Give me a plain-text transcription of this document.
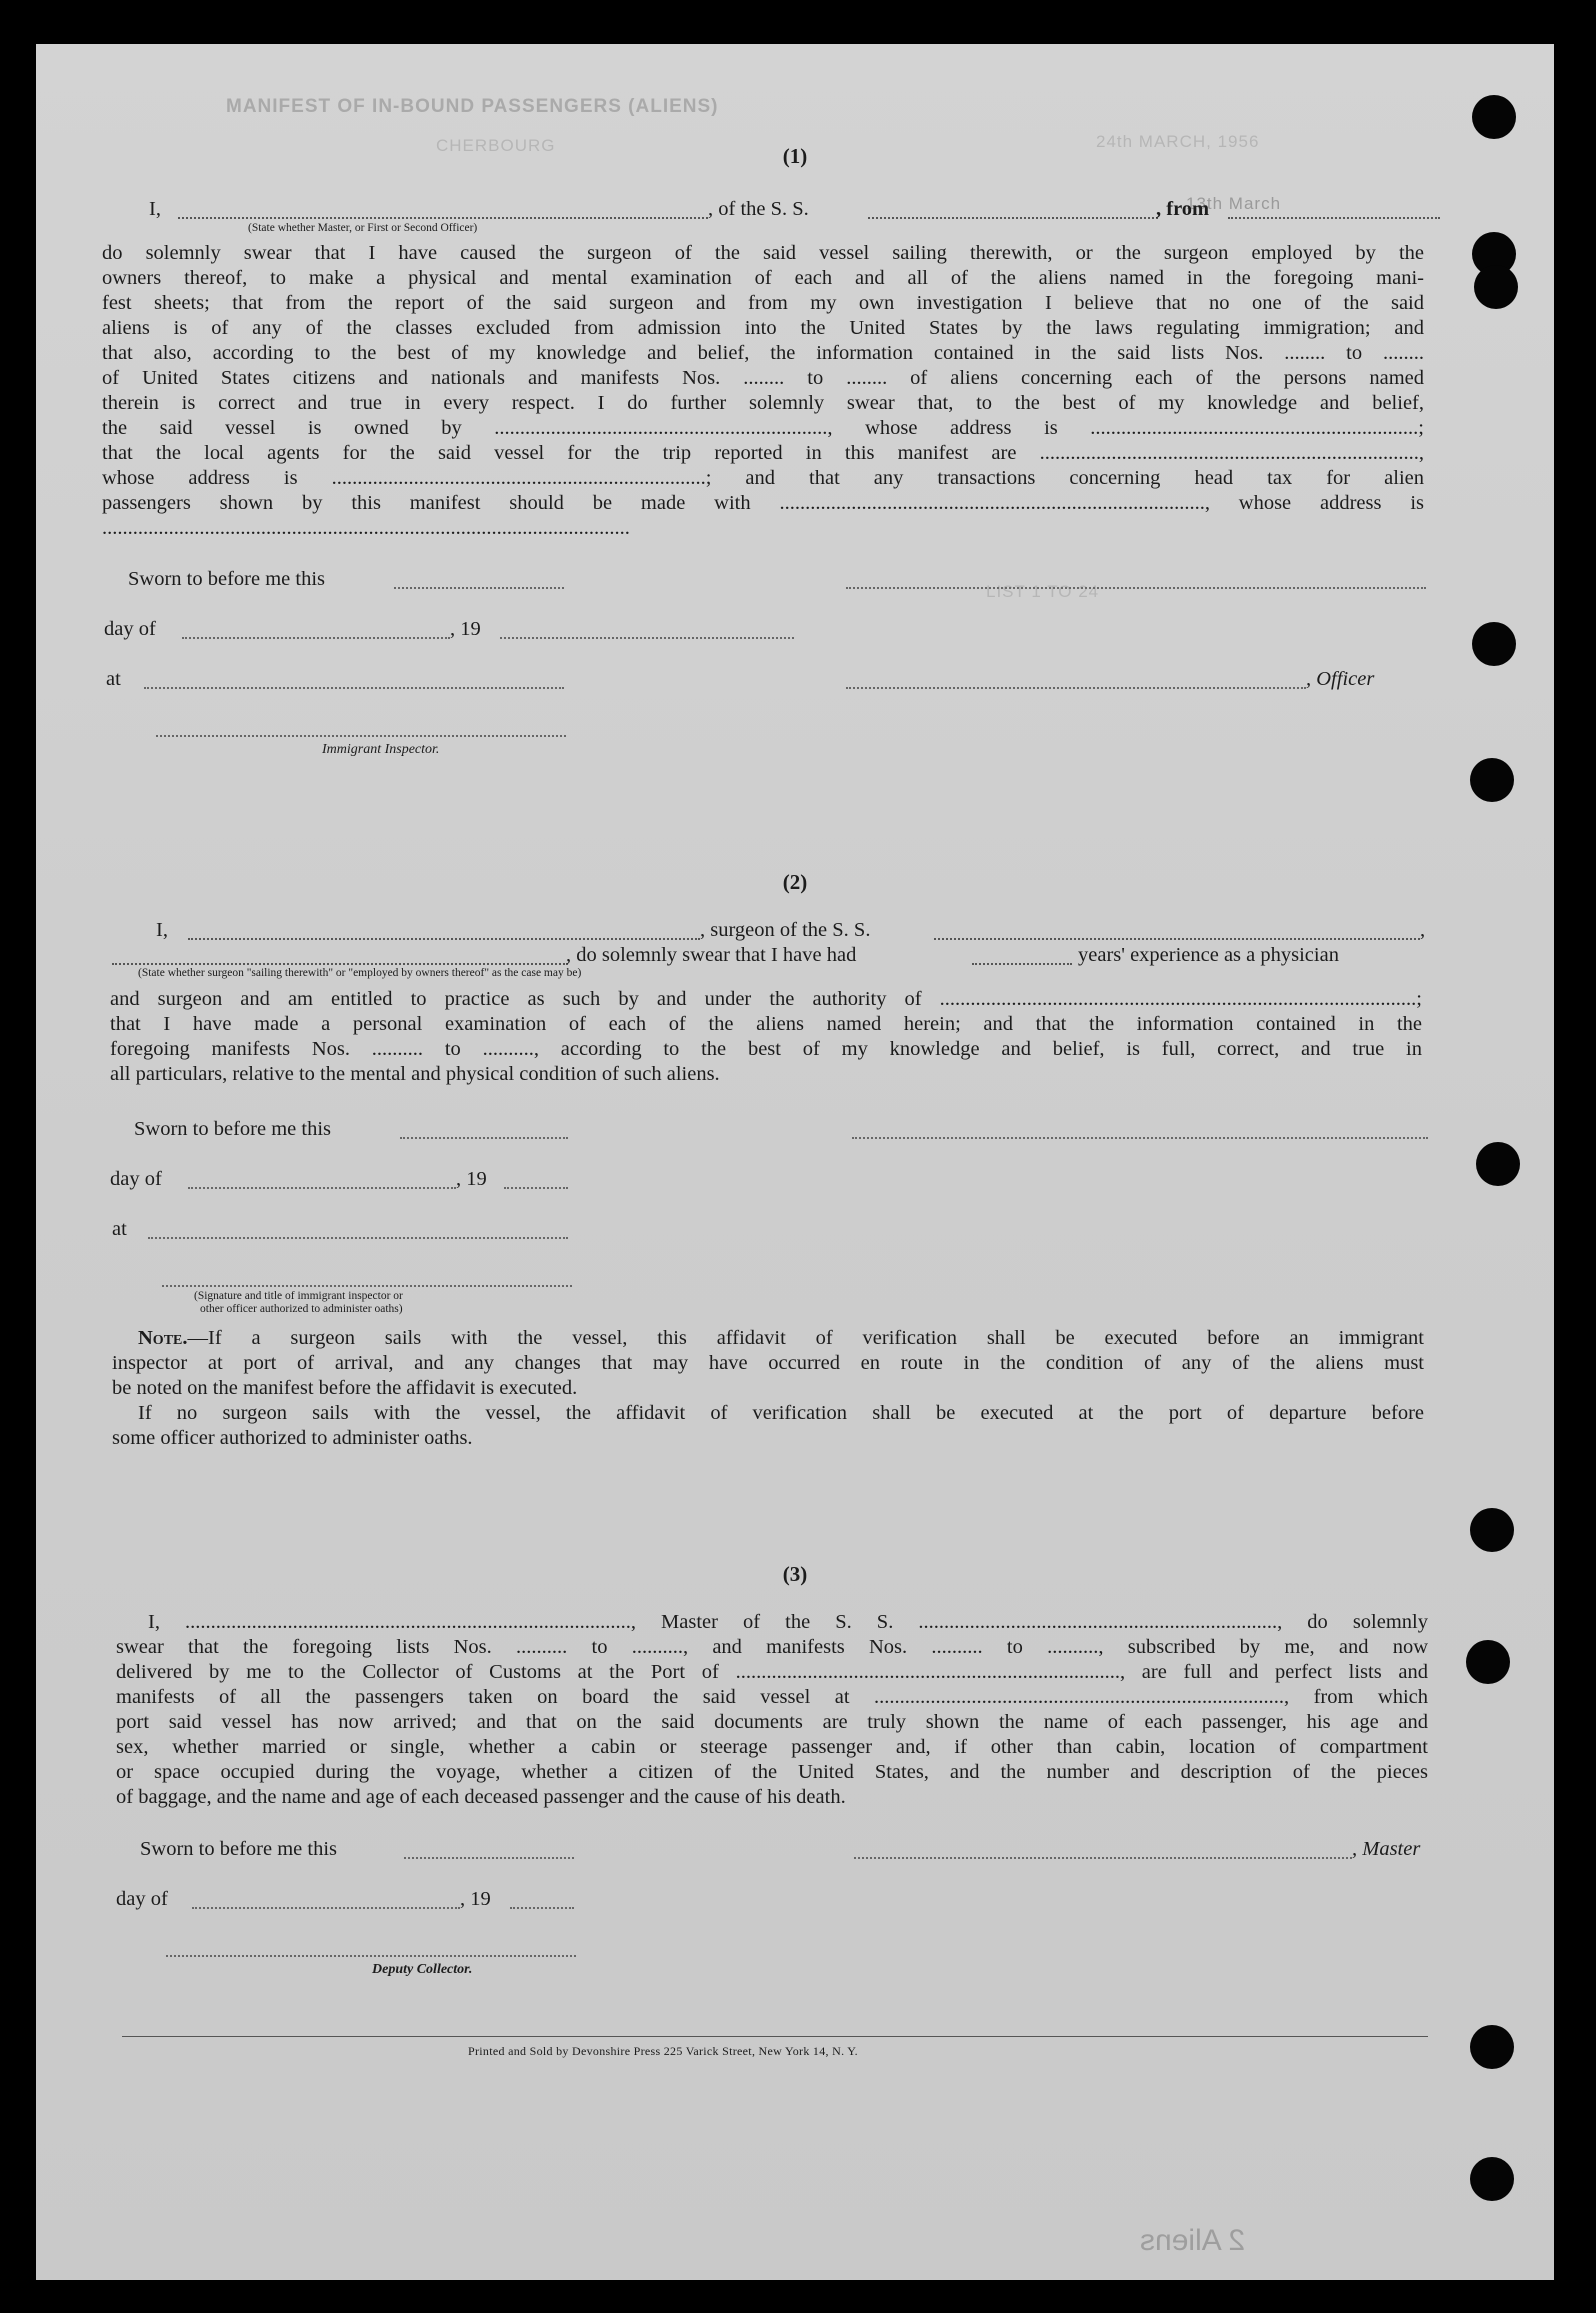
MANIFEST OF IN-BOUND PASSENGERS (ALIENS)
24th MARCH, 1956
CHERBOURG
13th March
LIST 1 TO 24
(1)
I,	, of the S. S.	, from
(State whether Master, or First or Second Officer)
do solemnly swear that I have caused the surgeon of the said vessel sailing therewith, or the surgeon employed by the
owners thereof, to make a physical and mental examination of each and all of the aliens named in the foregoing mani-
fest sheets; that from the report of the said surgeon and from my own investigation I believe that no one of the said
aliens is of any of the classes excluded from admission into the United States by the laws regulating immigration; and
that also, according to the best of my knowledge and belief, the information contained in the said lists Nos. ........ to ........
of United States citizens and nationals and manifests Nos. ........ to ........ of aliens concerning each of the persons named
therein is correct and true in every respect. I do further solemnly swear that, to the best of my knowledge and belief,
the said vessel is owned by ................................................................., whose address is ................................................................;
that the local agents for the said vessel for the trip reported in this manifest are ..........................................................................,
whose address is .........................................................................; and that any transactions concerning head tax for alien
passengers shown by this manifest should be made with ..................................................................................., whose address is
.......................................................................................................
Sworn to before me this
day of	, 19
at	, Officer
Immigrant Inspector.
(2)
I,	, surgeon of the S. S.	,
, do solemnly swear that I have had	years' experience as a physician
(State whether surgeon "sailing therewith" or "employed by owners thereof" as the case may be)
and surgeon and am entitled to practice as such by and under the authority of .............................................................................................;
that I have made a personal examination of each of the aliens named herein; and that the information contained in the
foregoing manifests Nos. .......... to .........., according to the best of my knowledge and belief, is full, correct, and true in
all particulars, relative to the mental and physical condition of such aliens.
Sworn to before me this
day of	, 19
at
(Signature and title of immigrant inspector or
other officer authorized to administer oaths)
Note.—If a surgeon sails with the vessel, this affidavit of verification shall be executed before an immigrant
inspector at port of arrival, and any changes that may have occurred en route in the condition of any of the aliens must
be noted on the manifest before the affidavit is executed.
If no surgeon sails with the vessel, the affidavit of verification shall be executed at the port of departure before
some officer authorized to administer oaths.
(3)
I, ......................................................................................., Master of the S. S. ......................................................................, do solemnly
swear that the foregoing lists Nos. .......... to .........., and manifests Nos. .......... to .........., subscribed by me, and now
delivered by me to the Collector of Customs at the Port of ..........................................................................., are full and perfect lists and
manifests of all the passengers taken on board the said vessel at ................................................................................, from which
port said vessel has now arrived; and that on the said documents are truly shown the name of each passenger, his age and
sex, whether married or single, whether a cabin or steerage passenger and, if other than cabin, location of compartment
or space occupied during the voyage, whether a citizen of the United States, and the number and description of the pieces
of baggage, and the name and age of each deceased passenger and the cause of his death.
Sworn to before me this	, Master
day of	, 19
Deputy Collector.
Printed and Sold by Devonshire Press 225 Varick Street, New York 14, N. Y.
2 Aliens
